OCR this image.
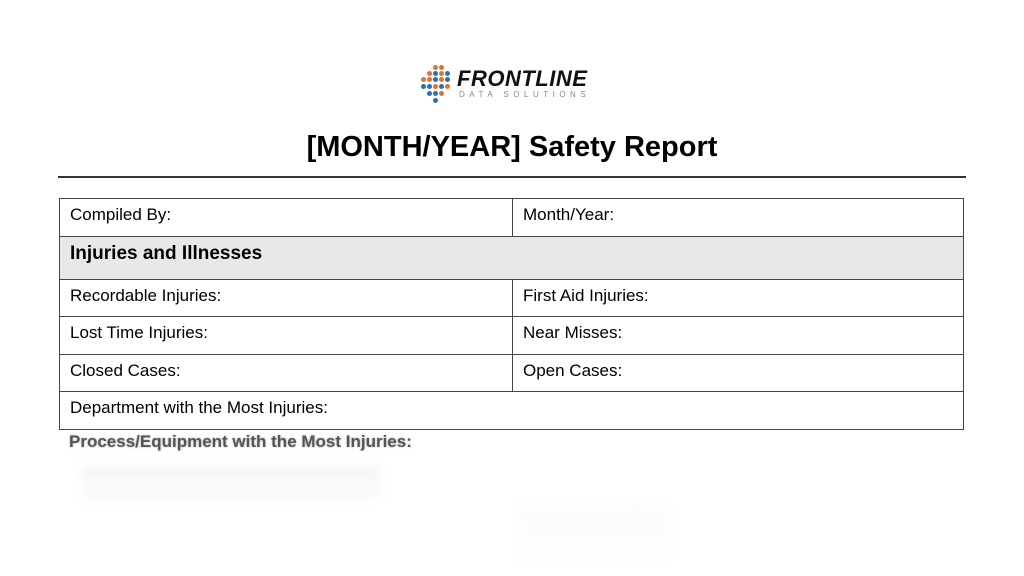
FRONTLINE
DATA SOLUTIONS
[MONTH/YEAR] Safety Report
Compiled By:	Month/Year:
Injuries and Illnesses	
Recordable Injuries:	First Aid Injuries:
Lost Time Injuries:	Near Misses:
Closed Cases:	Open Cases:
Department with the Most Injuries:	
Process/Equipment with the Most Injuries:
